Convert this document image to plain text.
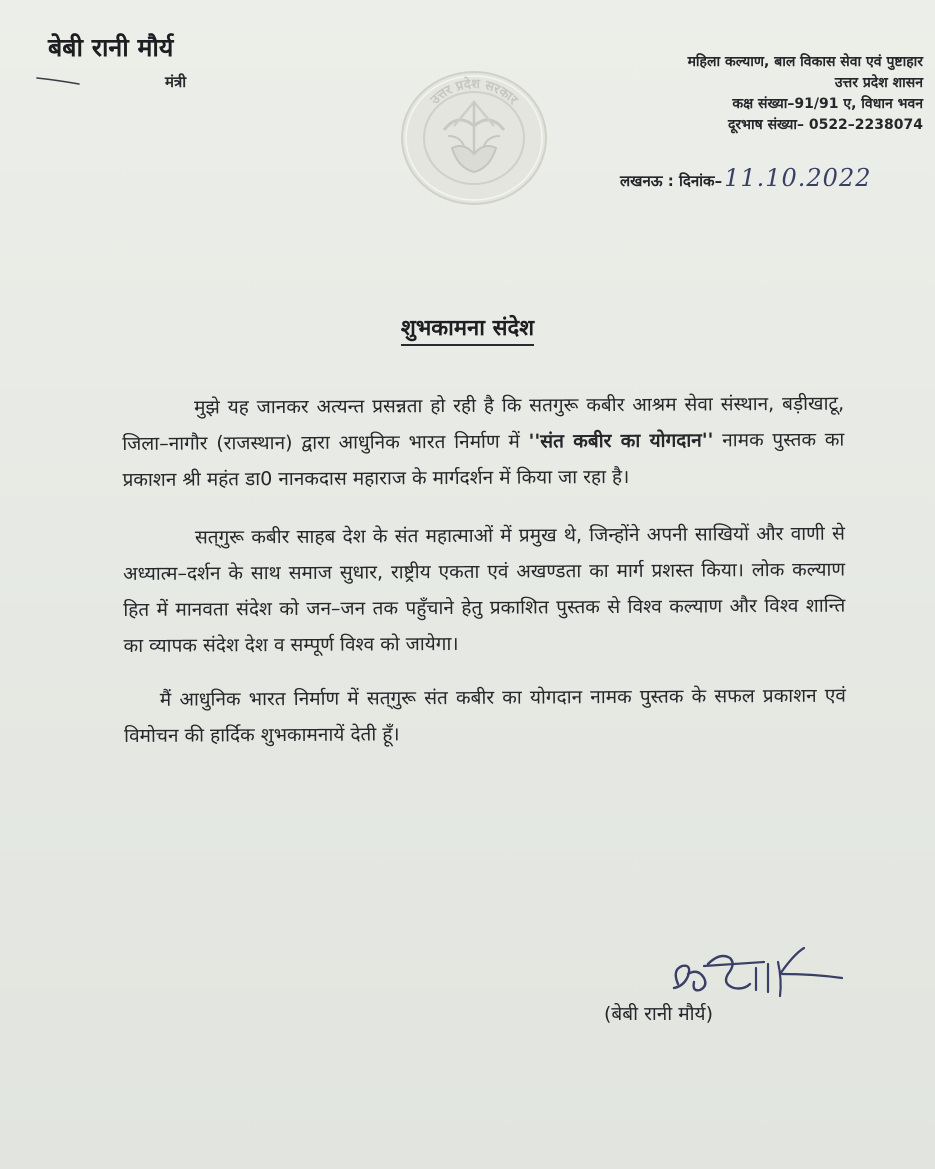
बेबी रानी मौर्य
मंत्री
उत्तर प्रदेश सरकार
महिला कल्याण, बाल विकास सेवा एवं पुष्टाहार
उत्तर प्रदेश शासन
कक्ष संख्या–91/91 ए, विधान भवन
दूरभाष संख्या– 0522–2238074
लखनऊ : दिनांक–11.10.2022
शुभकामना संदेश

मुझे यह जानकर अत्यन्त प्रसन्नता हो रही है कि सतगुरू कबीर आश्रम सेवा संस्थान, बड़ीखाटू, जिला–नागौर (राजस्थान) द्वारा आधुनिक भारत निर्माण में ''संत कबीर का योगदान'' नामक पुस्तक का प्रकाशन श्री महंत डा0 नानकदास महाराज के मार्गदर्शन में किया जा रहा है।

सत्‌गुरू कबीर साहब देश के संत महात्माओं में प्रमुख थे, जिन्होंने अपनी साखियों और वाणी से अध्यात्म–दर्शन के साथ समाज सुधार, राष्ट्रीय एकता एवं अखण्डता का मार्ग प्रशस्त किया। लोक कल्याण हित में मानवता संदेश को जन–जन तक पहुँचाने हेतु प्रकाशित पुस्तक से विश्व कल्याण और विश्व शान्ति का व्यापक संदेश देश व सम्पूर्ण विश्व को जायेगा।

मैं आधुनिक भारत निर्माण में सत्‌गुरू संत कबीर का योगदान नामक पुस्तक के सफल प्रकाशन एवं विमोचन की हार्दिक शुभकामनायें देती हूँ।

(बेबी रानी मौर्य)
